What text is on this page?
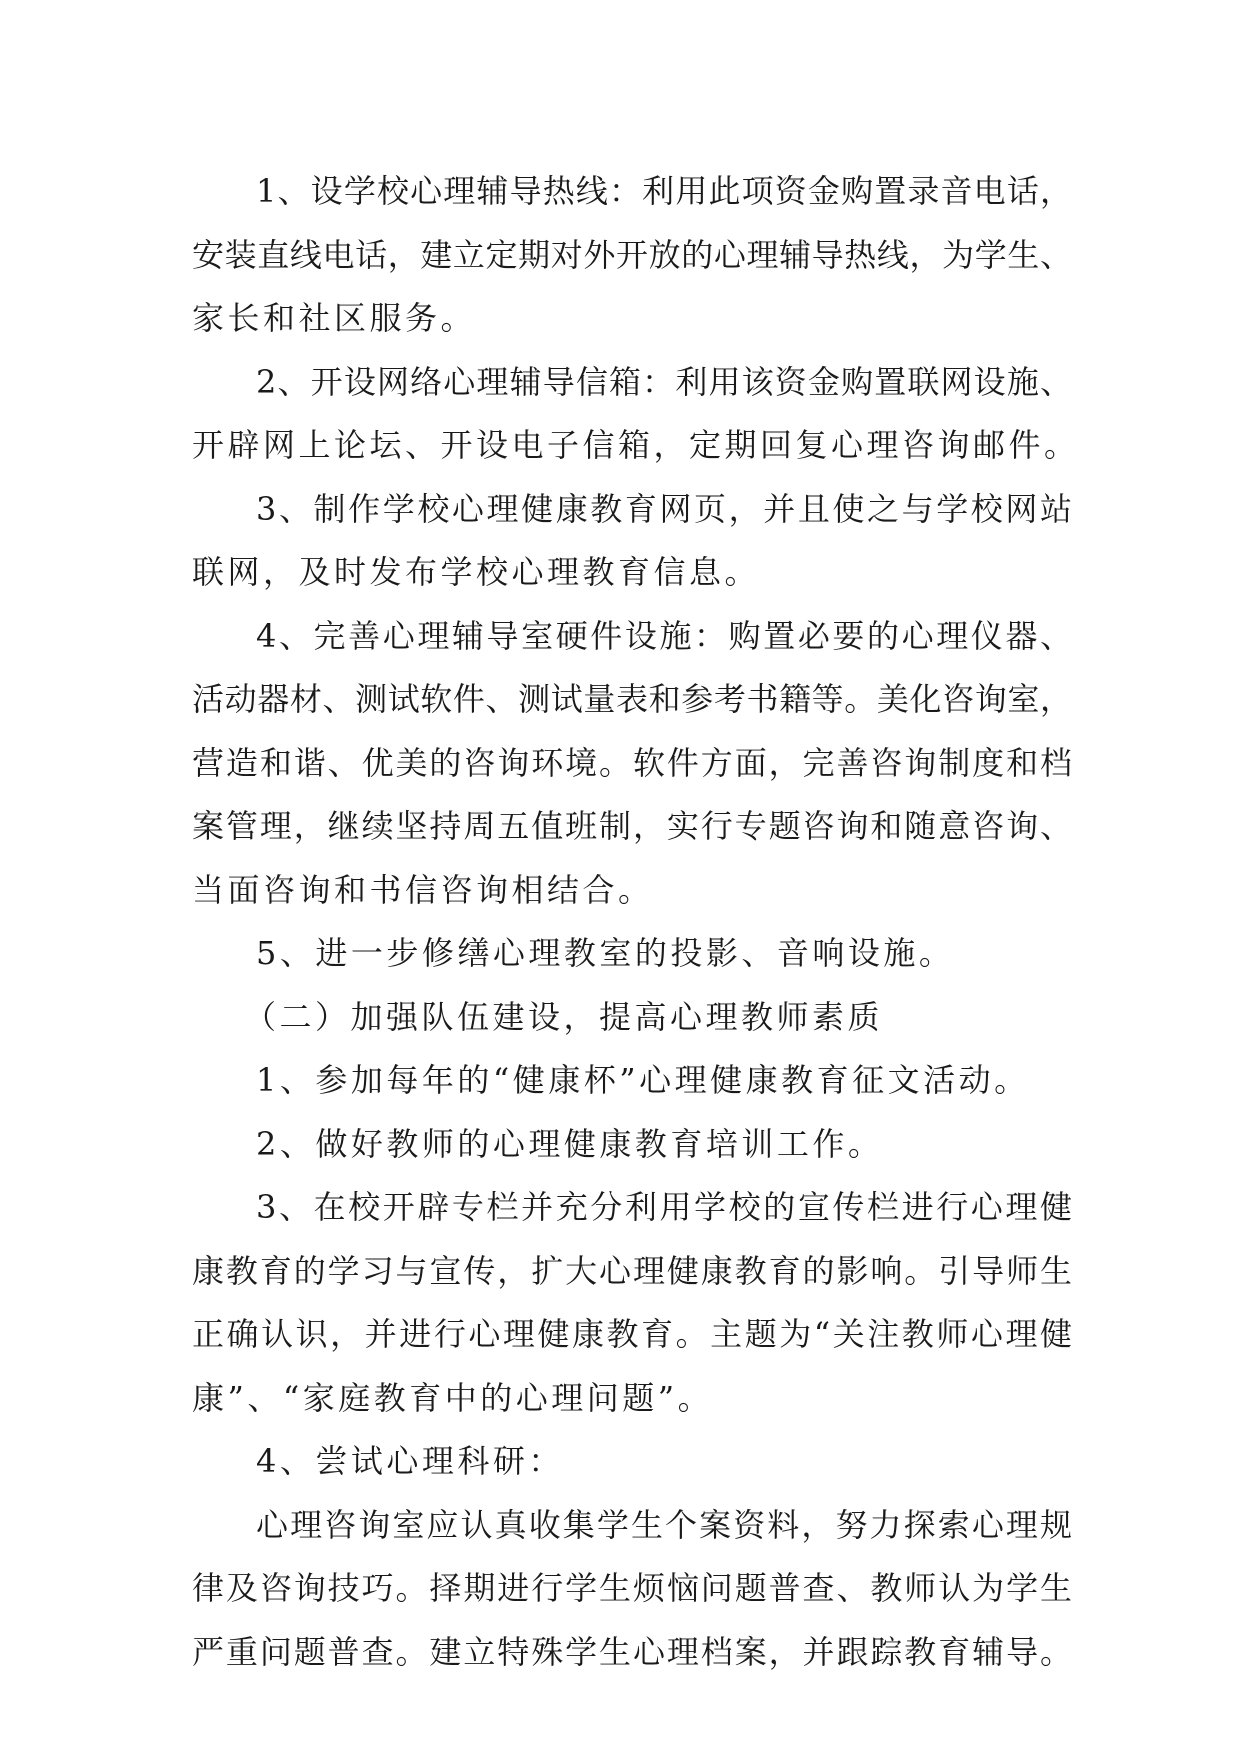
1、设学校心理辅导热线：利用此项资金购置录音电话，
安装直线电话，建立定期对外开放的心理辅导热线，为学生、
家长和社区服务。
2、开设网络心理辅导信箱：利用该资金购置联网设施、
开辟网上论坛、开设电子信箱，定期回复心理咨询邮件。
3、制作学校心理健康教育网页，并且使之与学校网站
联网，及时发布学校心理教育信息。
4、完善心理辅导室硬件设施：购置必要的心理仪器、
活动器材、测试软件、测试量表和参考书籍等。美化咨询室，
营造和谐、优美的咨询环境。软件方面，完善咨询制度和档
案管理，继续坚持周五值班制，实行专题咨询和随意咨询、
当面咨询和书信咨询相结合。
5、进一步修缮心理教室的投影、音响设施。
（二）加强队伍建设，提高心理教师素质
1、参加每年的“健康杯”心理健康教育征文活动。
2、做好教师的心理健康教育培训工作。
3、在校开辟专栏并充分利用学校的宣传栏进行心理健
康教育的学习与宣传，扩大心理健康教育的影响。引导师生
正确认识，并进行心理健康教育。主题为“关注教师心理健
康”、“家庭教育中的心理问题”。
4、尝试心理科研：
心理咨询室应认真收集学生个案资料，努力探索心理规
律及咨询技巧。择期进行学生烦恼问题普查、教师认为学生
严重问题普查。建立特殊学生心理档案，并跟踪教育辅导。
